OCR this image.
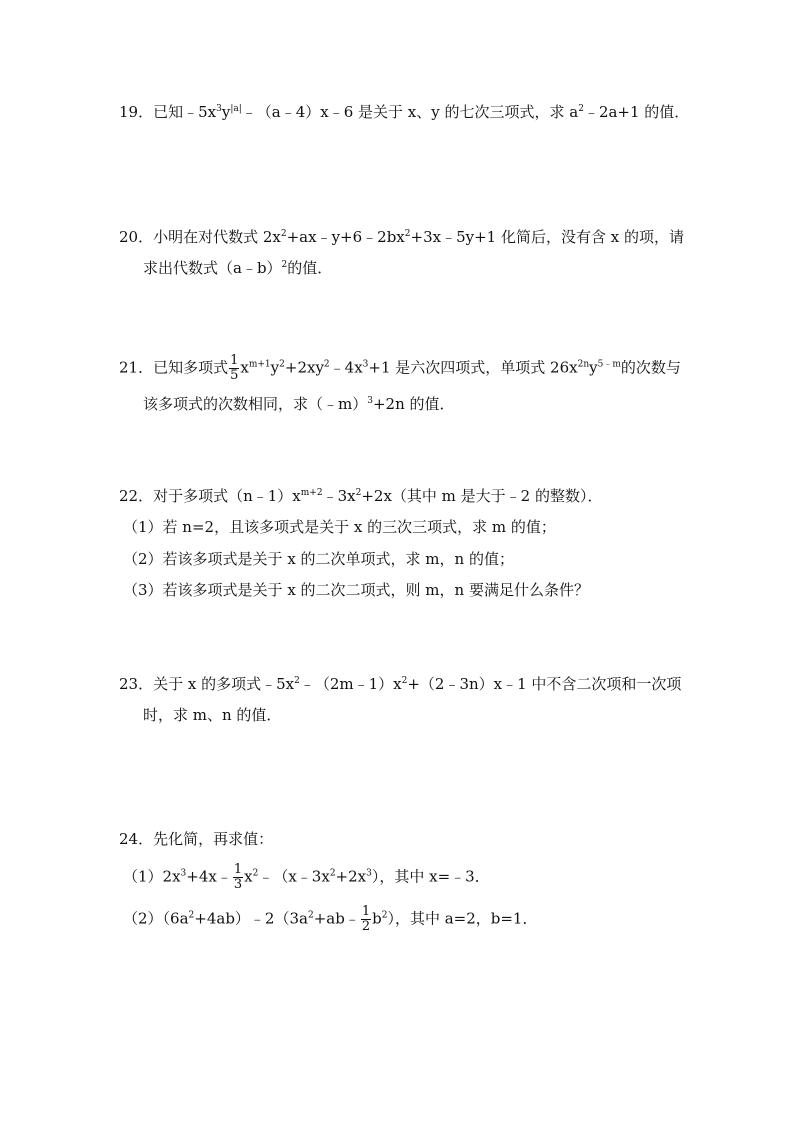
19．已知$﹣5x^3y^{|a|}﹣(a﹣4)x﹣6$ 是关于 x、y 的七次三项式，求 $a^2﹣2a+1$ 的值．
20．小明在对代数式 $2x^2+ax﹣y+6﹣2bx^2+3x﹣5y+1$ 化简后，没有含 x 的项，请
求出代数式（a﹣b）$^2$的值．
21．已知多项式 $\frac{1}{5}$ $x^{m+1}y^2+2xy^2﹣4x^3+1$ 是六次四项式，单项式 $26x^{2n}y^{5﹣m}$的次数与
该多项式的次数相同，求（﹣m）$^3$+2n 的值．
22．对于多项式$(n﹣1)x^{m+2}﹣3x^2+2x$（其中 m 是大于﹣2 的整数）．
（1）若 n=2，且该多项式是关于 x 的三次三项式，求 m 的值；
（2）若该多项式是关于 x 的二次单项式，求 m，n 的值；
（3）若该多项式是关于 x 的二次二项式，则 m，n 要满足什么条件？
23．关于 x 的多项式$﹣5x^2﹣(2m﹣1)x^2+(2﹣3n)x﹣1$ 中不含二次项和一次项
时，求 m、n 的值．
24．先化简，再求值：
$(1)2x^3+4x﹣ \frac{1}{3}$ $x^2﹣(x﹣3x^2+2x^3)$，其中 x=﹣3．
$(2)(6a^2+4ab)﹣2(3a^2+ab﹣ \frac{1}{2} b^2)$，其中 a=2，b=1．
